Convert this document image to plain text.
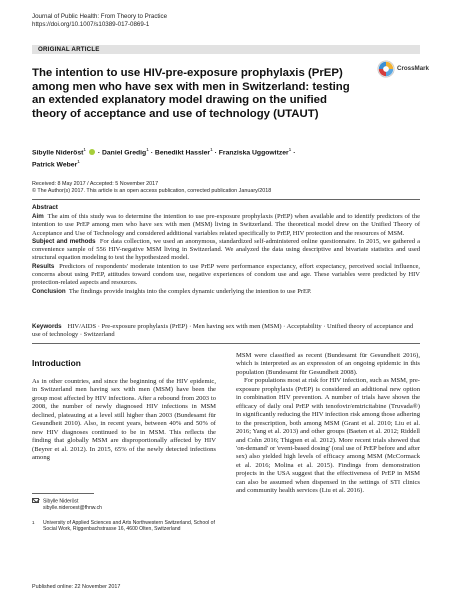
Journal of Public Health: From Theory to Practice
https://doi.org/10.1007/s10389-017-0869-1
ORIGINAL ARTICLE
The intention to use HIV-pre-exposure prophylaxis (PrEP) among men who have sex with men in Switzerland: testing an extended explanatory model drawing on the unified theory of acceptance and use of technology (UTAUT)
CrossMark
Sibylle Nideröst$^1$ · Daniel Gredig$^1$ · Benedikt Hassler$^1$ · Franziska Uggowitzer$^1$ ·
Patrick Weber$^1$
Received: 8 May 2017 / Accepted: 5 November 2017
© The Author(s) 2017. This article is an open access publication, corrected publication January/2018
Abstract

Aim The aim of this study was to determine the intention to use pre-exposure prophylaxis (PrEP) when available and to identify predictors of the intention to use PrEP among men who have sex with men (MSM) living in Switzerland. The theoretical model drew on the Unified Theory of Acceptance and Use of Technology and considered additional variables related specifically to PrEP, HIV protection and the resources of MSM.

Subject and methods For data collection, we used an anonymous, standardized self-administered online questionnaire. In 2015, we gathered a convenience sample of 556 HIV-negative MSM living in Switzerland. We analyzed the data using descriptive and bivariate statistics and used structural equation modeling to test the hypothesized model.

Results Predictors of respondents' moderate intention to use PrEP were performance expectancy, effort expectancy, perceived social influence, concerns about using PrEP, attitudes toward condom use, negative experiences of condom use and age. These variables were predicted by HIV protection-related aspects and resources.

Conclusion The findings provide insights into the complex dynamic underlying the intention to use PrEP.

Keywords HIV/AIDS · Pre-exposure prophylaxis (PrEP) · Men having sex with men (MSM) · Acceptability · Unified theory of acceptance and use of technology · Switzerland
Introduction

As in other countries, and since the beginning of the HIV epidemic, in Switzerland men having sex with men (MSM) have been the group most affected by HIV infections. After a rebound from 2003 to 2008, the number of newly diagnosed HIV infections in MSM declined, plateauing at a level still higher than 2003 (Bundesamt für Gesundheit 2010). Also, in recent years, between 40% and 50% of new HIV diagnoses continued to be in MSM. This reflects the finding that globally MSM are disproportionally affected by HIV (Beyrer et al. 2012). In 2015, 65% of the newly detected infections among

Sibylle Nideröst
sibylle.nideroest@fhnw.ch
1	University of Applied Sciences and Arts Northwestern Switzerland, School of Social Work, Riggenbachstrasse 16, 4600 Olten, Switzerland

MSM were classified as recent (Bundesamt für Gesundheit 2016), which is interpreted as an expression of an ongoing epidemic in this population (Bundesamt für Gesundheit 2008).

For populations most at risk for HIV infection, such as MSM, pre-exposure prophylaxis (PrEP) is considered an additional new option in combination HIV prevention. A number of trials have shown the efficacy of daily oral PrEP with tenofovir/emtricitabine (Truvada®) in significantly reducing the HIV infection risk among those adhering to the prescription, both among MSM (Grant et al. 2010; Liu et al. 2016; Yang et al. 2013) and other groups (Baeten et al. 2012; Riddell and Cohn 2016; Thigpen et al. 2012). More recent trials showed that 'on-demand' or 'event-based dosing' (oral use of PrEP before and after sex) also yielded high levels of efficacy among MSM (McCormack et al. 2016; Molina et al. 2015). Findings from demonstration projects in the USA suggest that the effectiveness of PrEP in MSM can also be assumed when dispensed in the settings of STI clinics and community health services (Liu et al. 2016).

Published online: 22 November 2017
